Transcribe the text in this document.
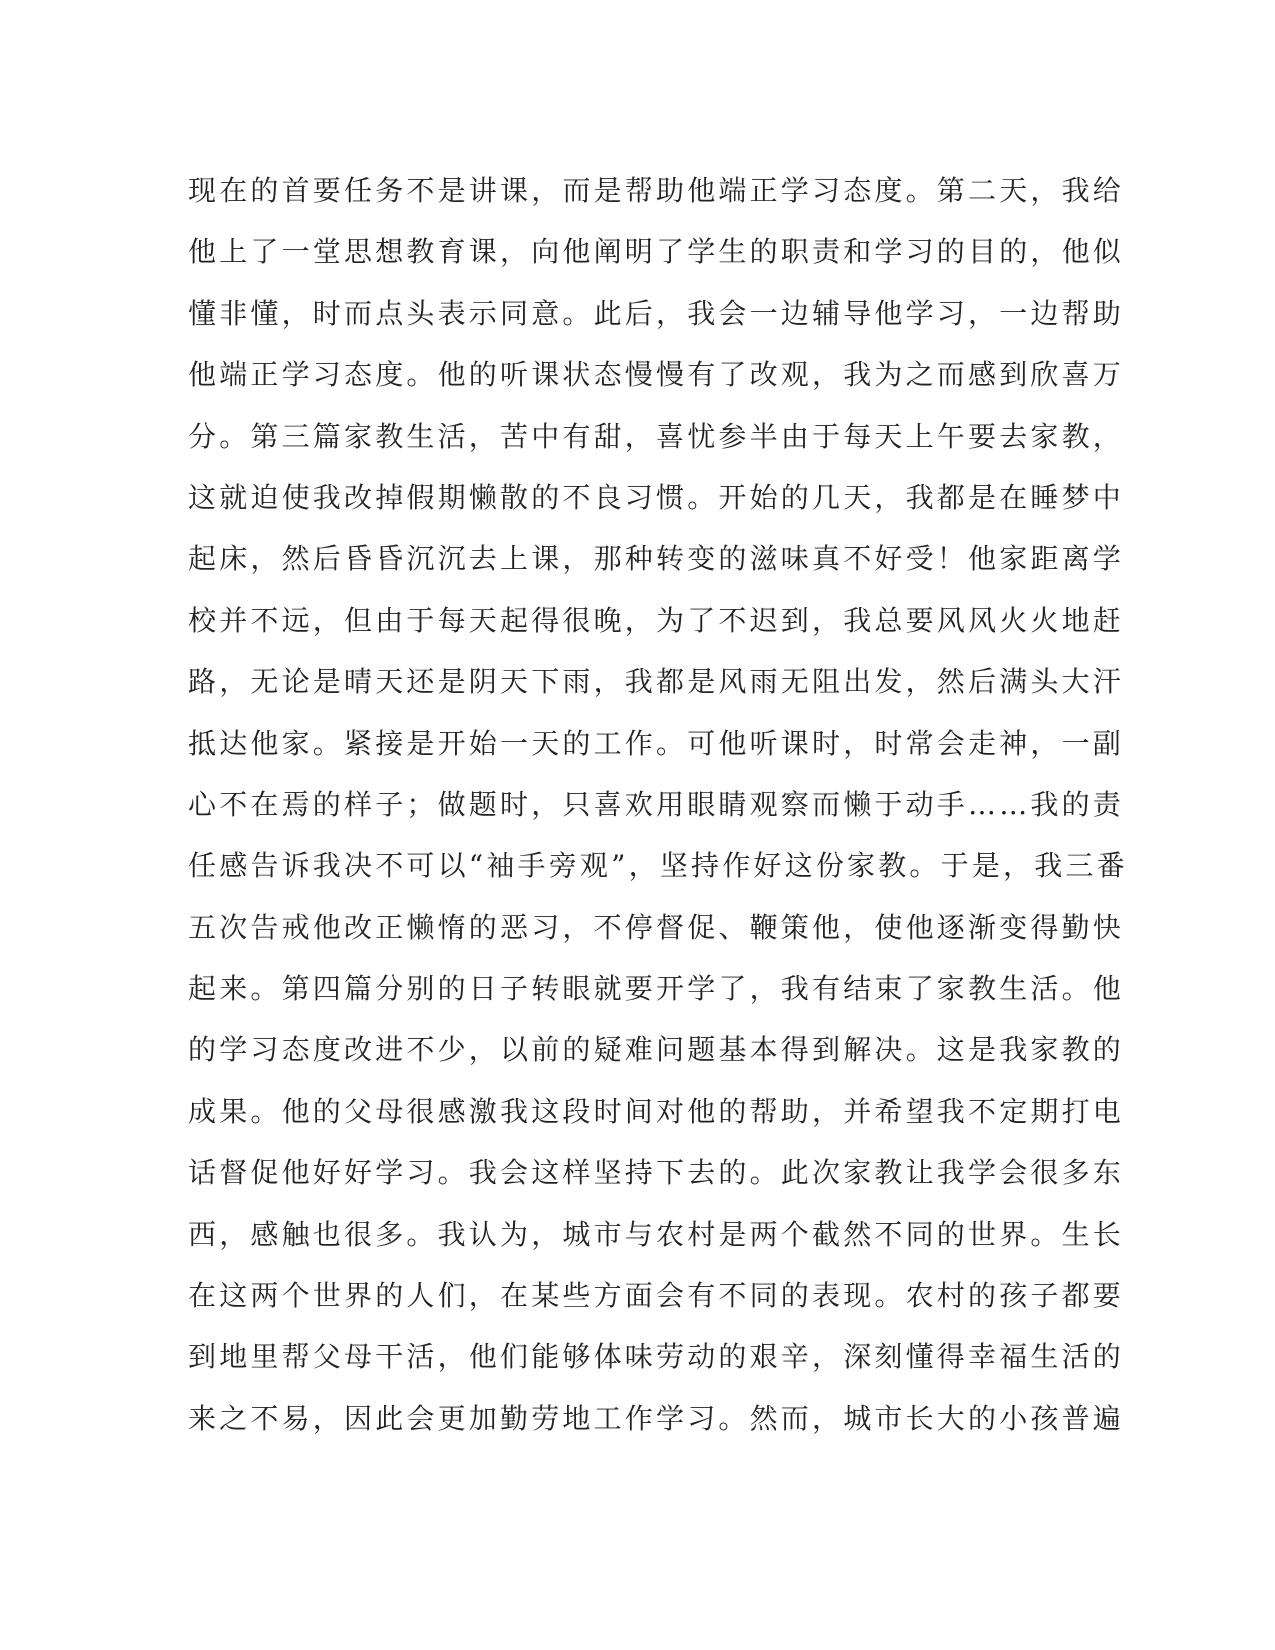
现在的首要任务不是讲课，而是帮助他端正学习态度。第二天，我给
他上了一堂思想教育课，向他阐明了学生的职责和学习的目的，他似
懂非懂，时而点头表示同意。此后，我会一边辅导他学习，一边帮助
他端正学习态度。他的听课状态慢慢有了改观，我为之而感到欣喜万
分。第三篇家教生活，苦中有甜，喜忧参半由于每天上午要去家教，
这就迫使我改掉假期懒散的不良习惯。开始的几天，我都是在睡梦中
起床，然后昏昏沉沉去上课，那种转变的滋味真不好受！他家距离学
校并不远，但由于每天起得很晚，为了不迟到，我总要风风火火地赶
路，无论是晴天还是阴天下雨，我都是风雨无阻出发，然后满头大汗
抵达他家。紧接是开始一天的工作。可他听课时，时常会走神，一副
心不在焉的样子；做题时，只喜欢用眼睛观察而懒于动手……我的责
任感告诉我决不可以“袖手旁观”，坚持作好这份家教。于是，我三番
五次告戒他改正懒惰的恶习，不停督促、鞭策他，使他逐渐变得勤快
起来。第四篇分别的日子转眼就要开学了，我有结束了家教生活。他
的学习态度改进不少，以前的疑难问题基本得到解决。这是我家教的
成果。他的父母很感激我这段时间对他的帮助，并希望我不定期打电
话督促他好好学习。我会这样坚持下去的。此次家教让我学会很多东
西，感触也很多。我认为，城市与农村是两个截然不同的世界。生长
在这两个世界的人们，在某些方面会有不同的表现。农村的孩子都要
到地里帮父母干活，他们能够体味劳动的艰辛，深刻懂得幸福生活的
来之不易，因此会更加勤劳地工作学习。然而，城市长大的小孩普遍
